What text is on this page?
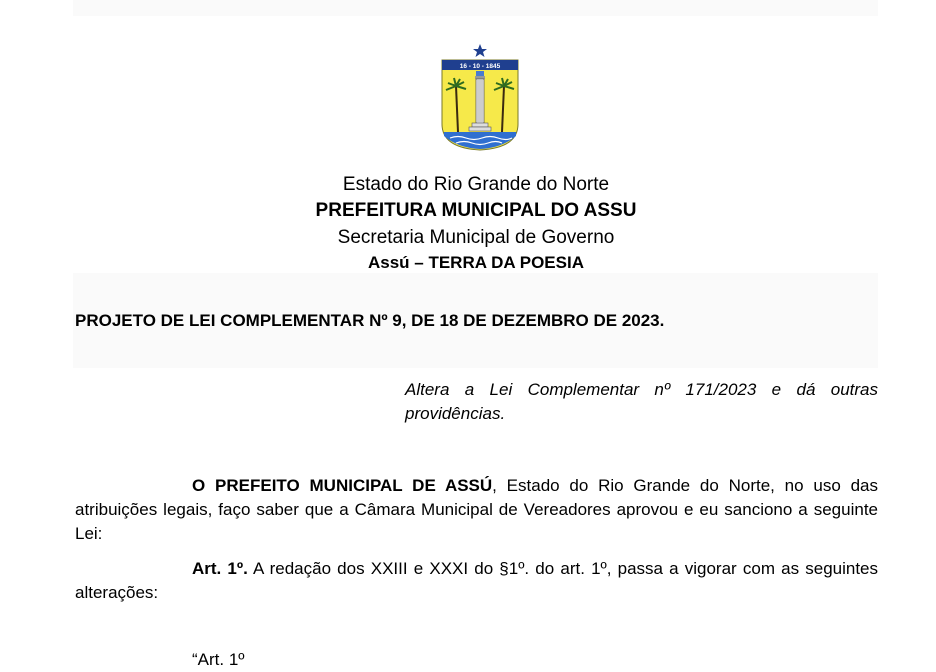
16 - 10 - 1845
Estado do Rio Grande do Norte
PREFEITURA MUNICIPAL DO ASSU
Secretaria Municipal de Governo
Assú – TERRA DA POESIA
PROJETO DE LEI COMPLEMENTAR Nº 9, DE 18 DE DEZEMBRO DE 2023.
Altera a Lei Complementar nº 171/2023 e dá outras providências.
O PREFEITO MUNICIPAL DE ASSÚ, Estado do Rio Grande do Norte, no uso das atribuições legais, faço saber que a Câmara Municipal de Vereadores aprovou e eu sanciono a seguinte Lei:
Art. 1º. A redação dos XXIII e XXXI do §1º. do art. 1º, passa a vigorar com as seguintes alterações:
“Art. 1º
